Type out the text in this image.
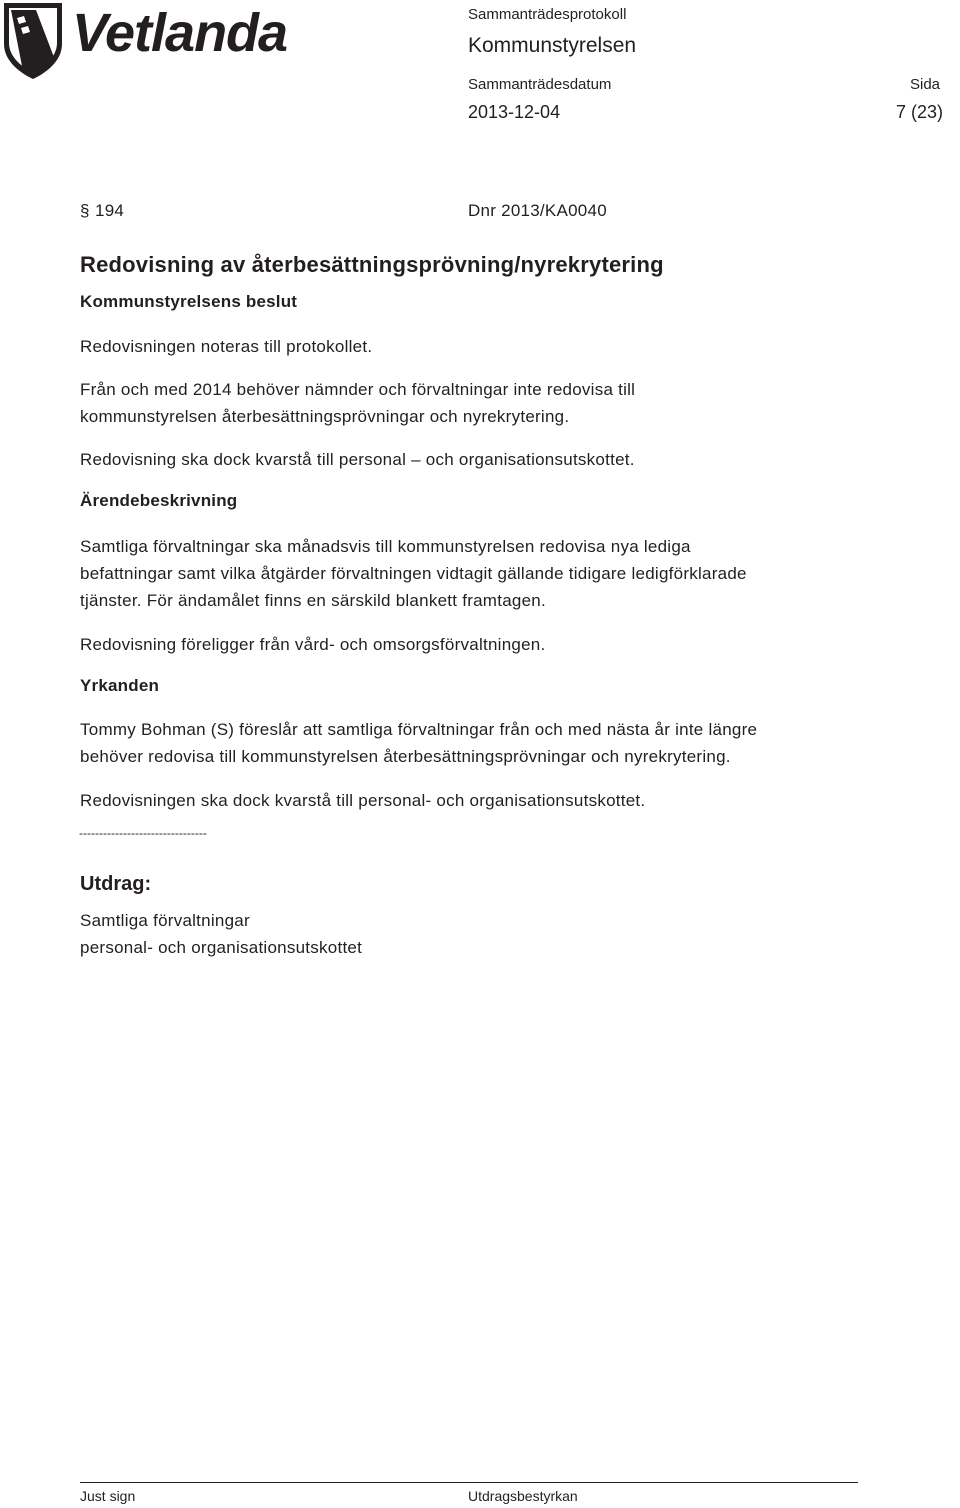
Vetlanda	Sammanträdesprotokoll
Kommunstyrelsen
Sammanträdesdatum	Sida
2013-12-04	7 (23)
§ 194	Dnr 2013/KA0040
Redovisning av återbesättningsprövning/nyrekrytering
Kommunstyrelsens beslut
Redovisningen noteras till protokollet.
Från och med 2014 behöver nämnder och förvaltningar inte redovisa till
kommunstyrelsen återbesättningsprövningar och nyrekrytering.
Redovisning ska dock kvarstå till personal – och organisationsutskottet.
Ärendebeskrivning
Samtliga förvaltningar ska månadsvis till kommunstyrelsen redovisa nya lediga
befattningar samt vilka åtgärder förvaltningen vidtagit gällande tidigare ledigförklarade
tjänster. För ändamålet finns en särskild blankett framtagen.
Redovisning föreligger från vård- och omsorgsförvaltningen.
Yrkanden
Tommy Bohman (S) föreslår att samtliga förvaltningar från och med nästa år inte längre
behöver redovisa till kommunstyrelsen återbesättningsprövningar och nyrekrytering.
Redovisningen ska dock kvarstå till personal- och organisationsutskottet.
--------------------------------
Utdrag:
Samtliga förvaltningar
personal- och organisationsutskottet
Just sign	Utdragsbestyrkan
